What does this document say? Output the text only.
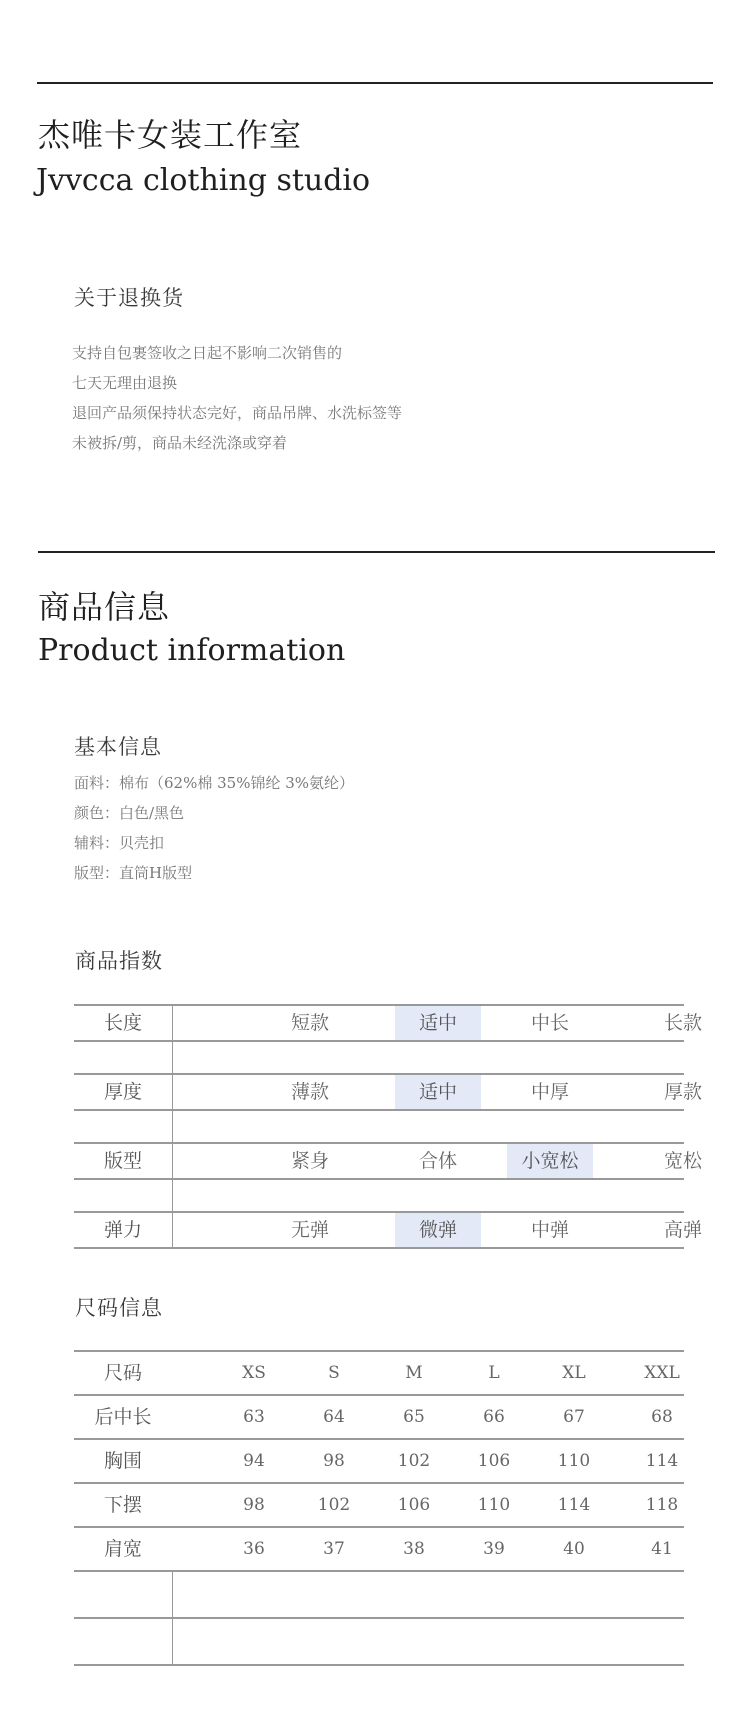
杰唯卡女装工作室
Jvvcca clothing studio
关于退换货
支持自包裹签收之日起不影响二次销售的
七天无理由退换
退回产品须保持状态完好，商品吊牌、水洗标签等
未被拆/剪，商品未经洗涤或穿着
商品信息
Product information
基本信息
面料：棉布（62%棉 35%锦纶 3%氨纶）
颜色：白色/黑色
辅料：贝壳扣
版型：直筒H版型
商品指数
长度	短款	适中	中长	长款
厚度	薄款	适中	中厚	厚款
版型	紧身	合体	小宽松	宽松
弹力	无弹	微弹	中弹	高弹
尺码信息
尺码	XS	S	M	L	XL	XXL
后中长	63	64	65	66	67	68
胸围	94	98	102	106	110	114
下摆	98	102	106	110	114	118
肩宽	36	37	38	39	40	41
